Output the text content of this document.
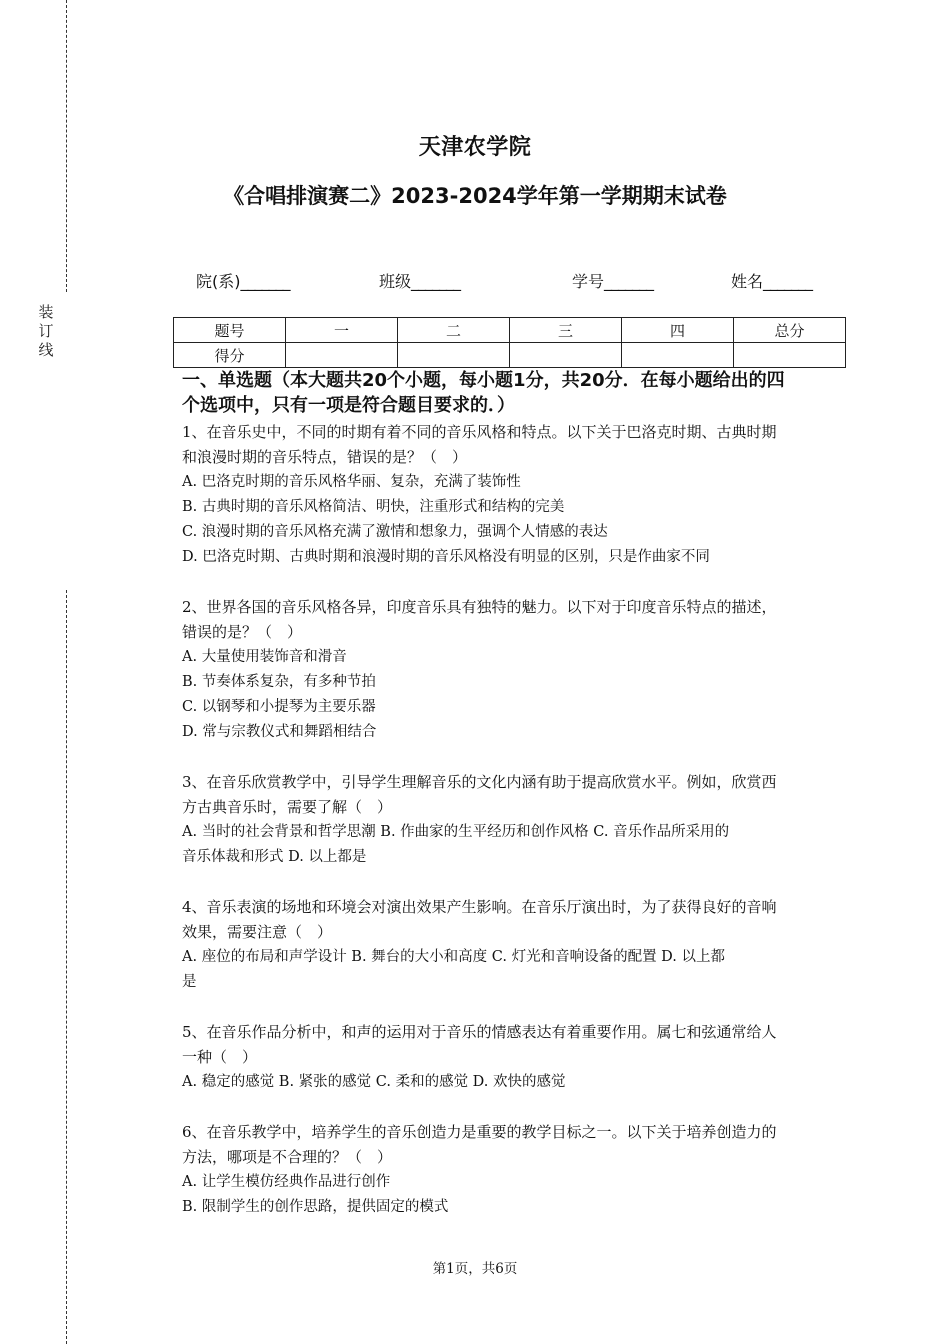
装
订
线
天津农学院
《合唱排演赛二》2023-2024学年第一学期期末试卷
院(系)_______	班级_______	学号_______	姓名_______
题号	一	二	三	四	总分
得分					

一、单选题（本大题共20个小题，每小题1分，共20分．在每小题给出的四

个选项中，只有一项是符合题目要求的．）

1、在音乐史中，不同的时期有着不同的音乐风格和特点。以下关于巴洛克时期、古典时期

和浪漫时期的音乐特点，错误的是？（　）

A. 巴洛克时期的音乐风格华丽、复杂，充满了装饰性

B. 古典时期的音乐风格简洁、明快，注重形式和结构的完美

C. 浪漫时期的音乐风格充满了激情和想象力，强调个人情感的表达

D. 巴洛克时期、古典时期和浪漫时期的音乐风格没有明显的区别，只是作曲家不同

2、世界各国的音乐风格各异，印度音乐具有独特的魅力。以下对于印度音乐特点的描述，

错误的是？（　）

A. 大量使用装饰音和滑音

B. 节奏体系复杂，有多种节拍

C. 以钢琴和小提琴为主要乐器

D. 常与宗教仪式和舞蹈相结合

3、在音乐欣赏教学中，引导学生理解音乐的文化内涵有助于提高欣赏水平。例如，欣赏西

方古典音乐时，需要了解（　）

A. 当时的社会背景和哲学思潮 B. 作曲家的生平经历和创作风格 C. 音乐作品所采用的

音乐体裁和形式 D. 以上都是

4、音乐表演的场地和环境会对演出效果产生影响。在音乐厅演出时，为了获得良好的音响

效果，需要注意（　）

A. 座位的布局和声学设计 B. 舞台的大小和高度 C. 灯光和音响设备的配置 D. 以上都

是

5、在音乐作品分析中，和声的运用对于音乐的情感表达有着重要作用。属七和弦通常给人

一种（　）

A. 稳定的感觉 B. 紧张的感觉 C. 柔和的感觉 D. 欢快的感觉

6、在音乐教学中，培养学生的音乐创造力是重要的教学目标之一。以下关于培养创造力的

方法，哪项是不合理的？（　）

A. 让学生模仿经典作品进行创作

B. 限制学生的创作思路，提供固定的模式

第1页，共6页
